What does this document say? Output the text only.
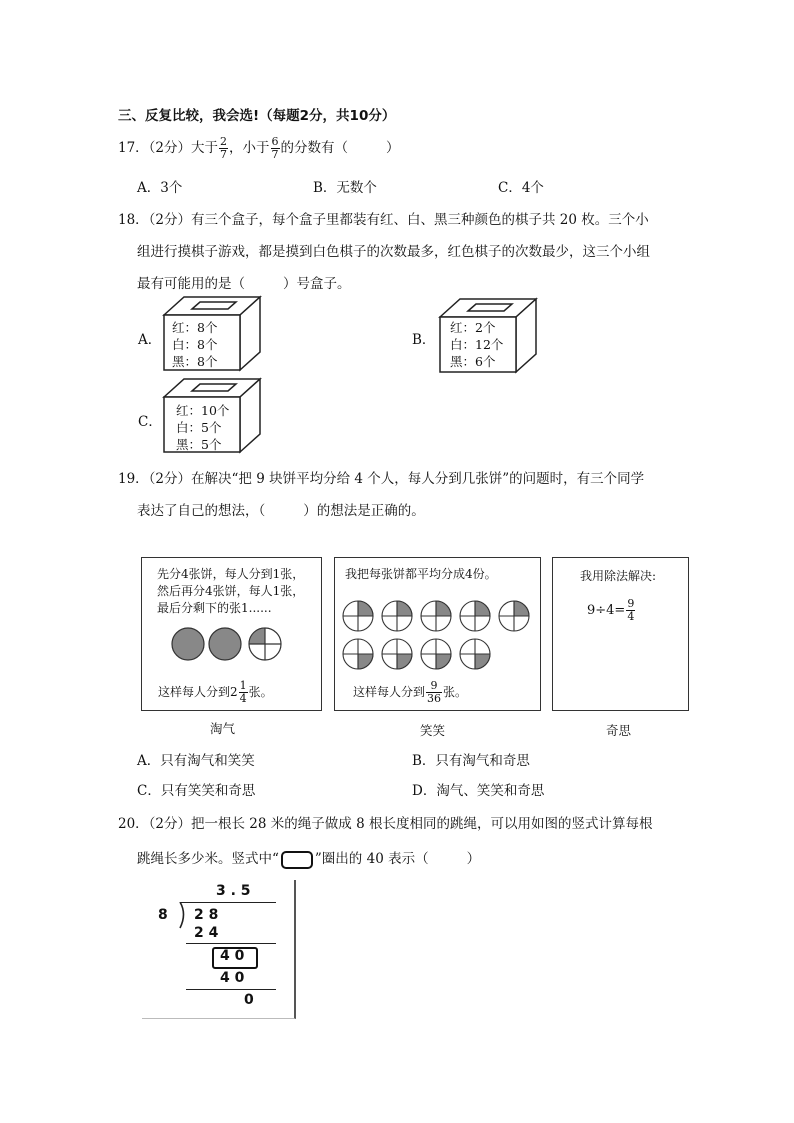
三、反复比较，我会选!（每题2分，共10分）
17．（2分）大于 $\frac{2}{7}$ ，小于 $\frac{6}{7}$ 的分数有（	）
A．3个	B．无数个	C．4个
18．（2分）有三个盒子，每个盒子里都装有红、白、黑三种颜色的棋子共 20 枚。三个小
组进行摸棋子游戏，都是摸到白色棋子的次数最多，红色棋子的次数最少，这三个小组
最有可能用的是（	）号盒子。
A．
红：8个
白：8个
黑：8个
B．
红：2个
白：12个
黑：6个
C．
红：10个
白：5个
黑：5个
19．（2分）在解决“把 9 块饼平均分给 4 个人，每人分到几张饼”的问题时，有三个同学
表达了自己的想法，（	）的想法是正确的。
先分4张饼，每人分到1张，
然后再分4张饼，每人1张，
最后分剩下的张1......
这样每人分到$2 \frac{1}{4}$ 张。
淘气
我把每张饼都平均分成4份。
这样每人分到 $\frac{9}{36}$ 张。
笑笑
我用除法解决:
$9\div 4= \frac{9}{4}$
奇思
A．只有淘气和笑笑	B．只有淘气和奇思
C．只有笑笑和奇思	D．淘气、笑笑和奇思
20．（2分）把一根长 28 米的绳子做成 8 根长度相同的跳绳，可以用如图的竖式计算每根
跳绳长多少米。竖式中“	”圈出的 40 表示（	）
3 . 5
8 2 8
2 4
4 0
4 0
0
